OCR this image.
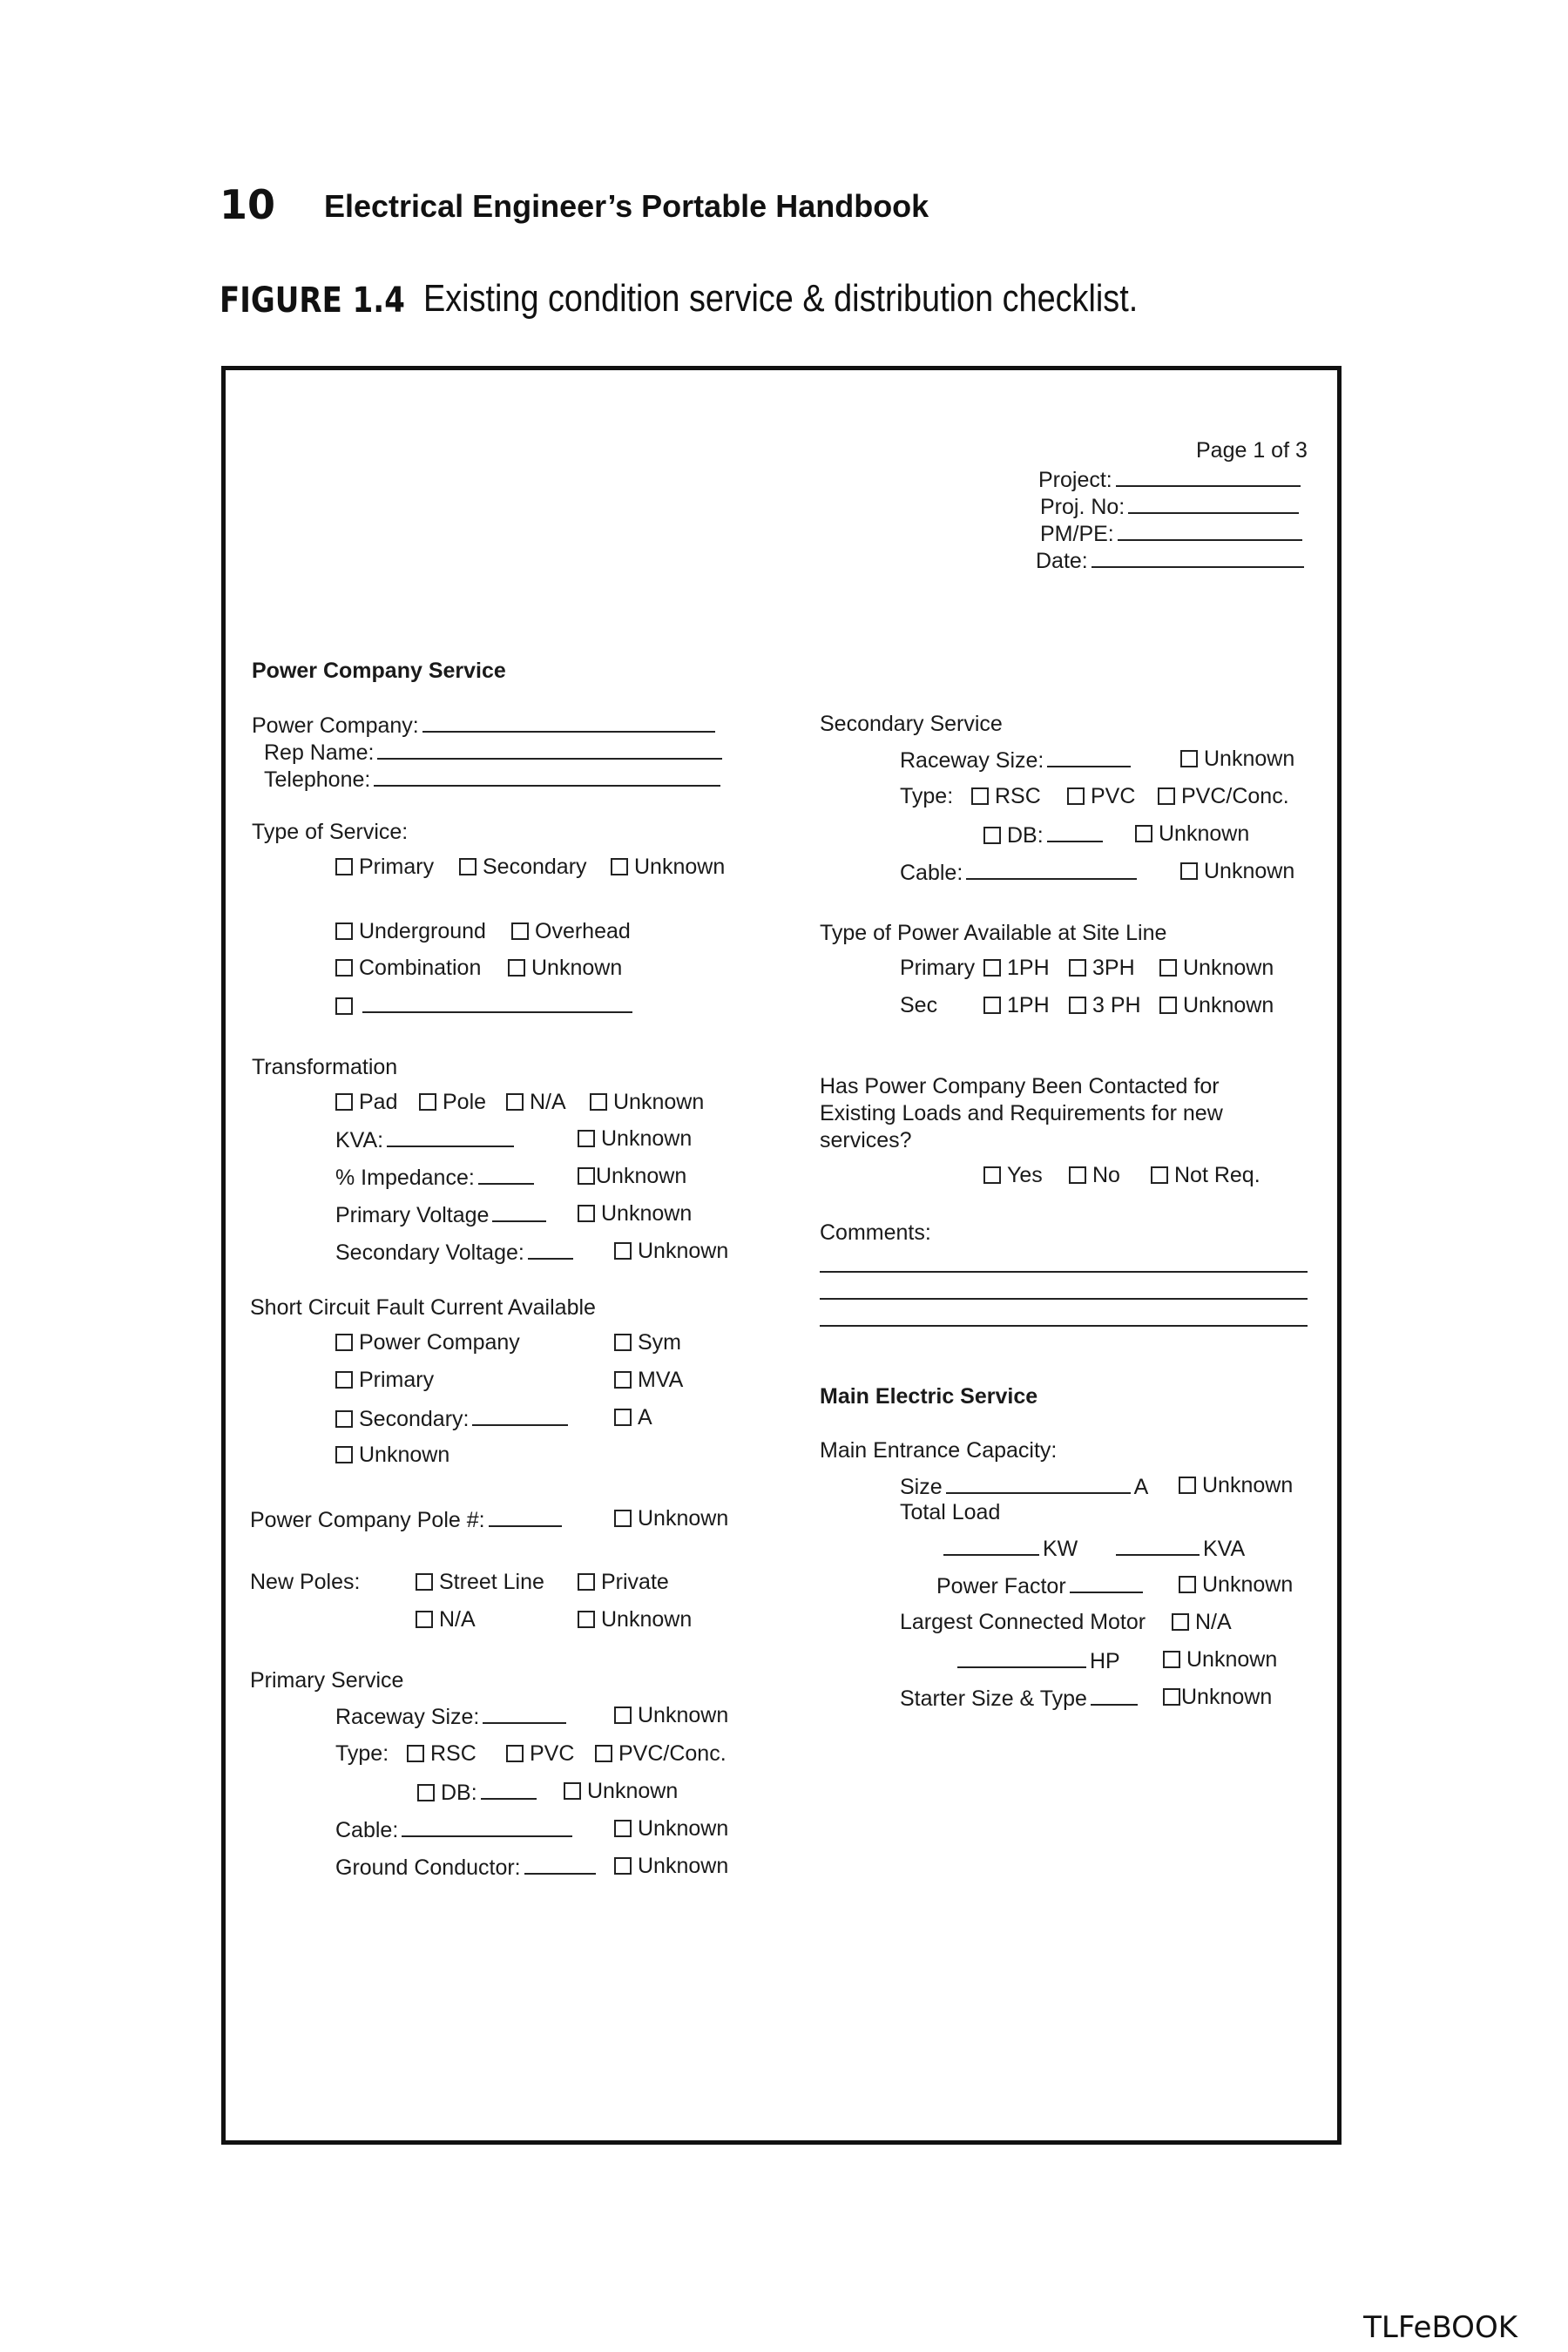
10 Electrical Engineer’s Portable Handbook
FIGURE 1.4 Existing condition service & distribution checklist.
Page 1 of 3
Project:
Proj. No:
PM/PE:
Date:
Power Company Service
Power Company:
Rep Name:
Telephone:
Type of Service:
Primary	Secondary	Unknown
Underground	Overhead
Combination	Unknown
Transformation
Pad	Pole	N/A	Unknown
KVA:	Unknown
% Impedance:	Unknown
Primary Voltage	Unknown
Secondary Voltage:	Unknown
Short Circuit Fault Current Available
Power Company	Sym
Primary	MVA
Secondary:	A
Unknown
Power Company Pole #:	Unknown
New Poles:	Street Line	Private
N/A	Unknown
Primary Service
Raceway Size:	Unknown
Type:	RSC	PVC	PVC/Conc.
DB:	Unknown
Cable:	Unknown
Ground Conductor:	Unknown
Secondary Service
Raceway Size:	Unknown
Type:	RSC	PVC	PVC/Conc.
DB:	Unknown
Cable:	Unknown
Type of Power Available at Site Line
Primary	1PH	3PH	Unknown
Sec	1PH	3 PH	Unknown
Has Power Company Been Contacted for
Existing Loads and Requirements for new
services?
Yes	No	Not Req.
Comments:
Main Electric Service
Main Entrance Capacity:
Size	A	Unknown
Total Load
KW	KVA
Power Factor	Unknown
Largest Connected Motor	N/A
HP	Unknown
Starter Size & Type	Unknown
TLFeBOOK
